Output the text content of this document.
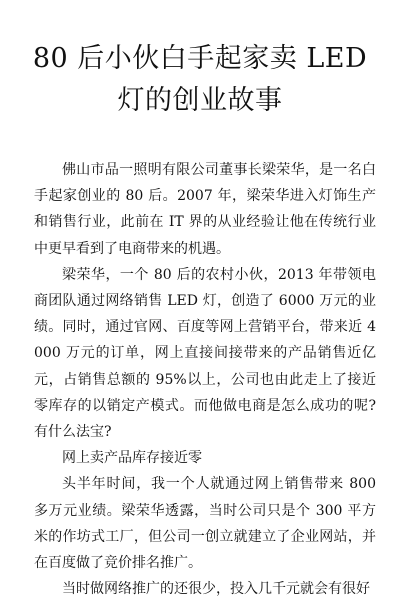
80 后小伙白手起家卖 LED 灯的创业故事

佛山市品一照明有限公司董事长梁荣华，是一名白手起家创业的 80 后。2007 年，梁荣华进入灯饰生产和销售行业，此前在 IT 界的从业经验让他在传统行业中更早看到了电商带来的机遇。

梁荣华，一个 80 后的农村小伙，2013 年带领电商团队通过网络销售 LED 灯，创造了 6000 万元的业绩。同时，通过官网、百度等网上营销平台，带来近 4000 万元的订单，网上直接间接带来的产品销售近亿元，占销售总额的 95%以上，公司也由此走上了接近零库存的以销定产模式。而他做电商是怎么成功的呢?有什么法宝?

网上卖产品库存接近零

头半年时间，我一个人就通过网上销售带来 800 多万元业绩。梁荣华透露，当时公司只是个 300 平方米的作坊式工厂，但公司一创立就建立了企业网站，并在百度做了竞价排名推广。

当时做网络推广的还很少，投入几千元就会有很好
